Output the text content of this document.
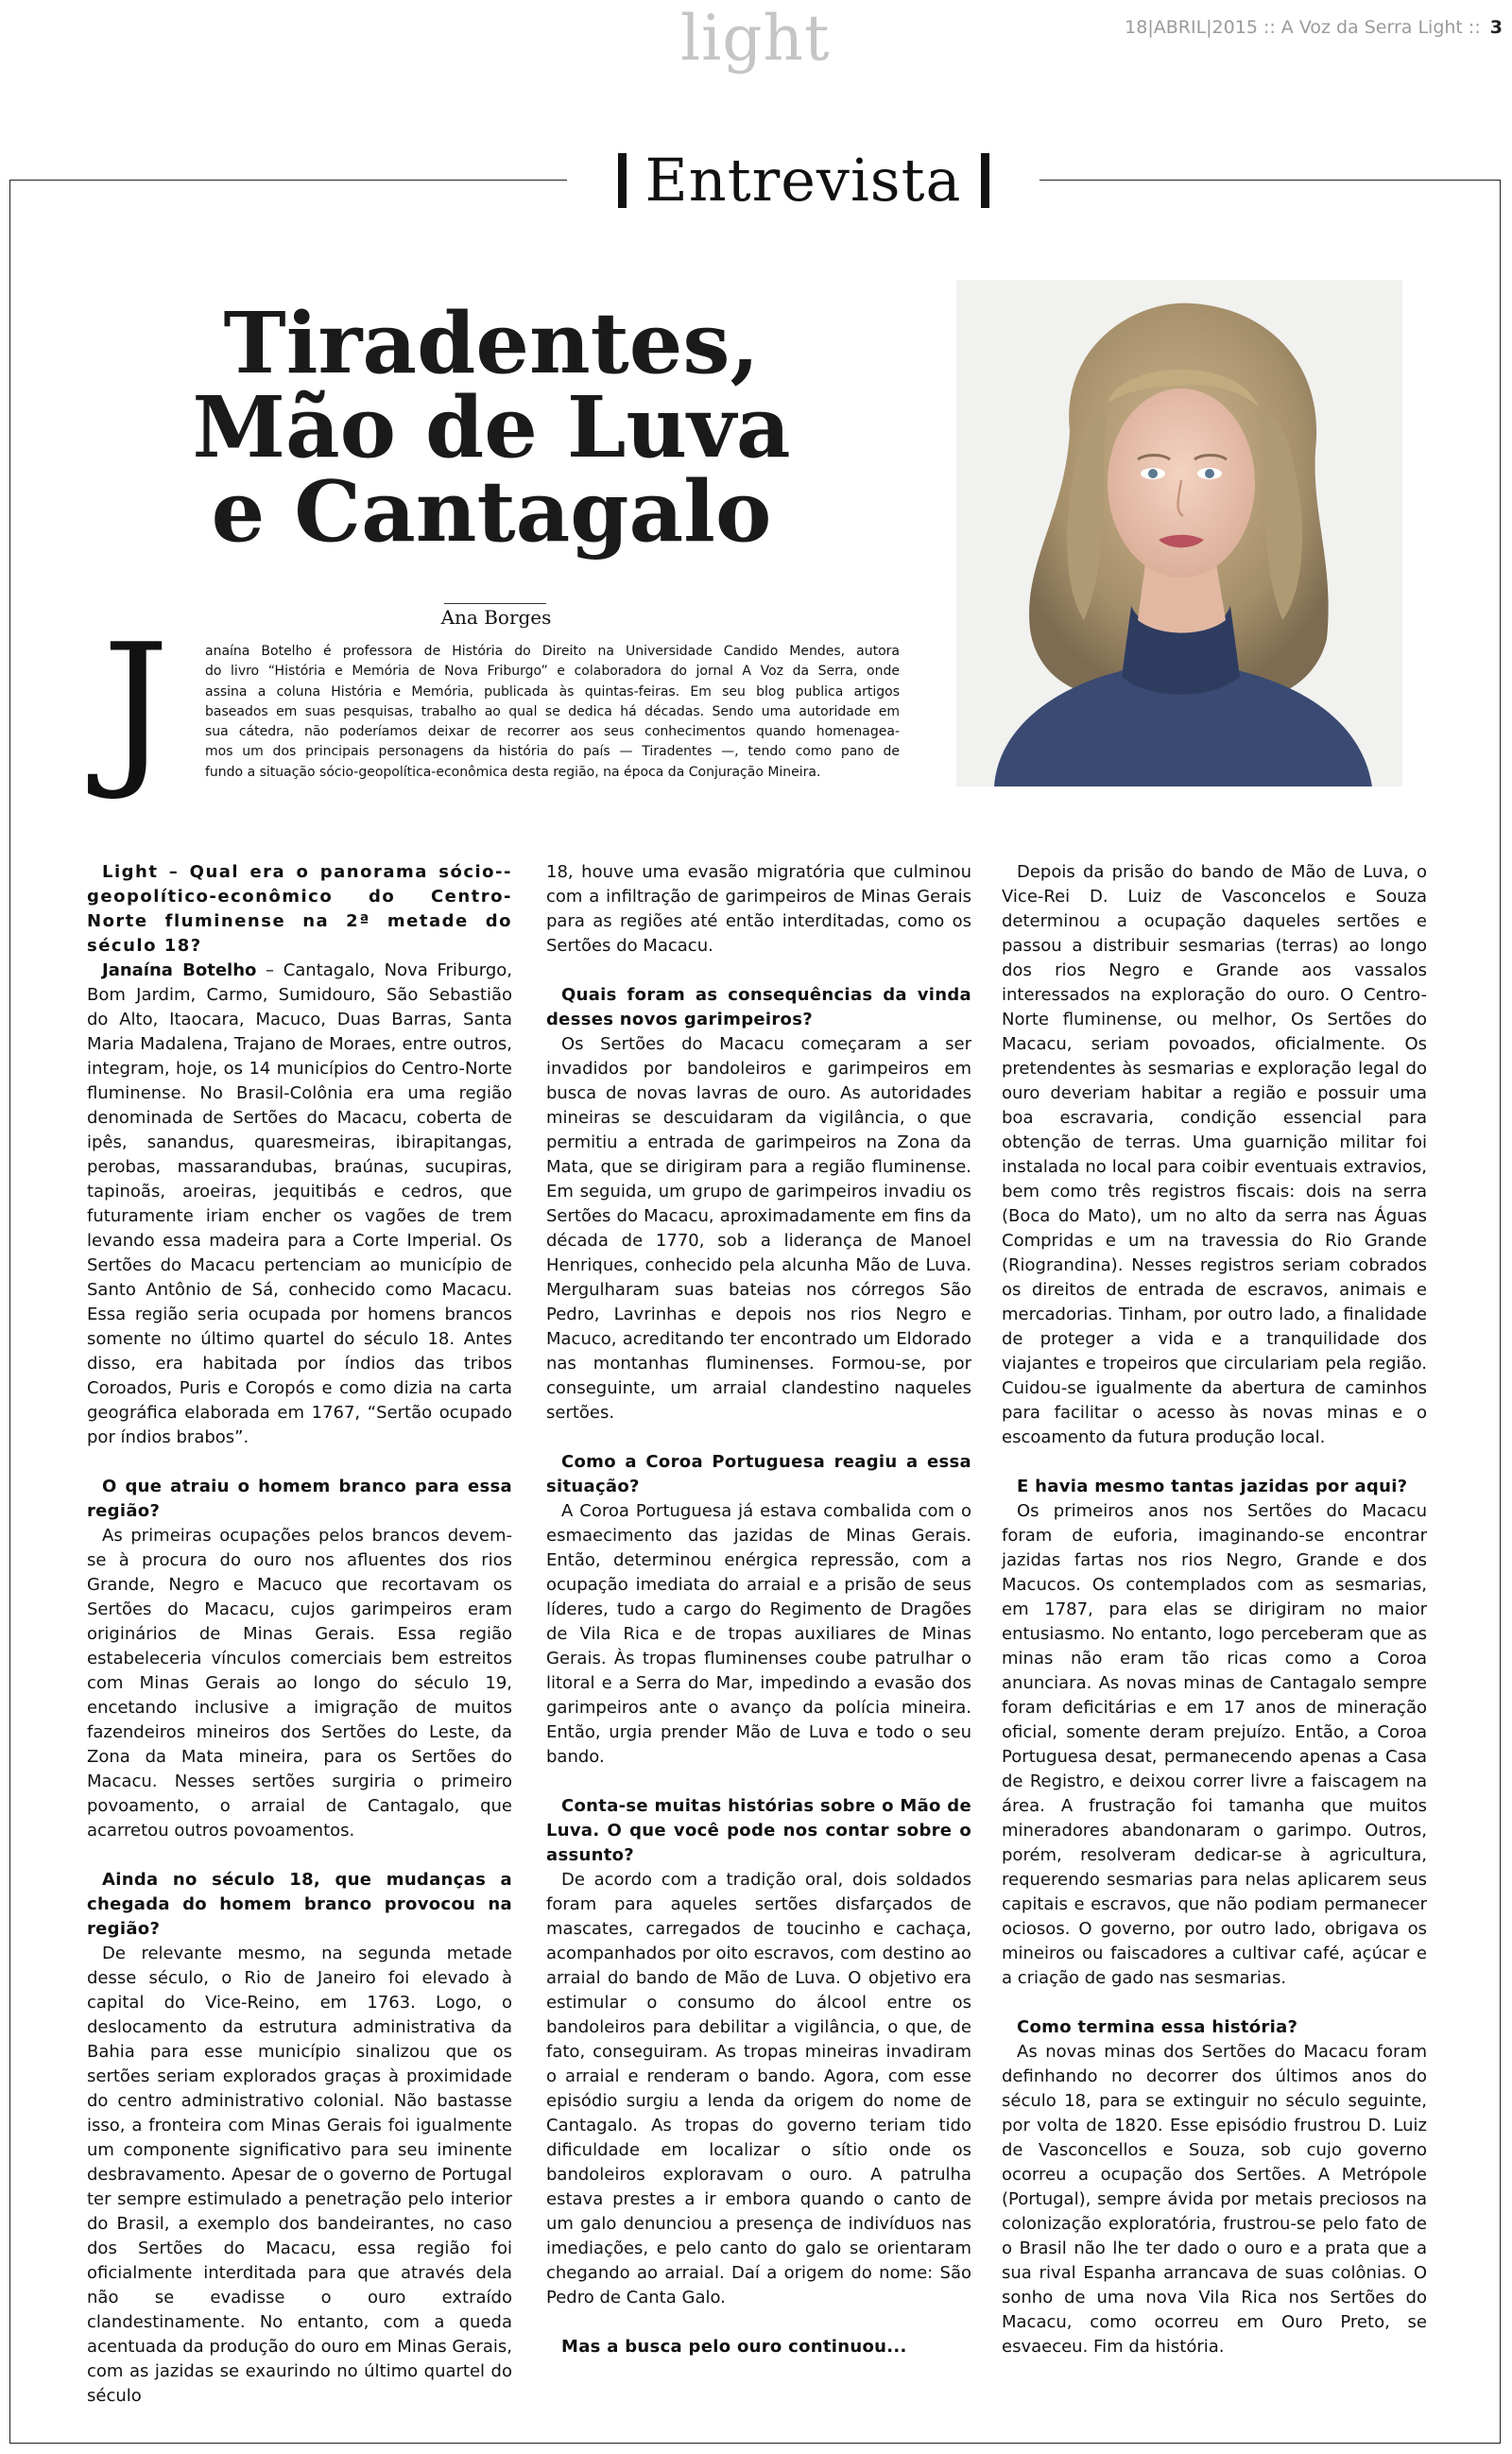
light	18|ABRIL|2015 :: A Voz da Serra Light :: 3
Entrevista
Tiradentes,
Mão de Luva
e Cantagalo
Ana Borges
J	anaína Botelho é professora de História do Direito na Universidade Candido Mendes, autora
do livro “História e Memória de Nova Friburgo” e colaboradora do jornal A Voz da Serra, onde
assina a coluna História e Memória, publicada às quintas-feiras. Em seu blog publica artigos
baseados em suas pesquisas, trabalho ao qual se dedica há décadas. Sendo uma autoridade em
sua cátedra, não poderíamos deixar de recorrer aos seus conhecimentos quando homenagea-
mos um dos principais personagens da história do país — Tiradentes —, tendo como pano de
fundo a situação sócio-geopolítica-econômica desta região, na época da Conjuração Mineira.

Light – Qual era o panorama sócio--geopolítico-econômico do Centro-Norte fluminense na 2ª metade do século 18?

Janaína Botelho – Cantagalo, Nova Friburgo, Bom Jardim, Carmo, Sumidouro, São Sebastião do Alto, Itaocara, Macuco, Duas Barras, Santa Maria Madalena, Trajano de Moraes, entre outros, integram, hoje, os 14 municípios do Centro-Norte fluminense. No Brasil-Colônia era uma região denominada de Sertões do Macacu, coberta de ipês, sanandus, quaresmeiras, ibirapitangas, perobas, massarandubas, braúnas, sucupiras, tapinoãs, aroeiras, jequitibás e cedros, que futuramente iriam encher os vagões de trem levando essa madeira para a Corte Imperial. Os Sertões do Macacu pertenciam ao município de Santo Antônio de Sá, conhecido como Macacu. Essa região seria ocupada por homens brancos somente no último quartel do século 18. Antes disso, era habitada por índios das tribos Coroados, Puris e Coropós e como dizia na carta geográfica elaborada em 1767, “Sertão ocupado por índios brabos”.

O que atraiu o homem branco para essa região?

As primeiras ocupações pelos brancos devem-se à procura do ouro nos afluentes dos rios Grande, Negro e Macuco que recortavam os Sertões do Macacu, cujos garimpeiros eram originários de Minas Gerais. Essa região estabeleceria vínculos comerciais bem estreitos com Minas Gerais ao longo do século 19, encetando inclusive a imigração de muitos fazendeiros mineiros dos Sertões do Leste, da Zona da Mata mineira, para os Sertões do Macacu. Nesses sertões surgiria o primeiro povoamento, o arraial de Cantagalo, que acarretou outros povoamentos.

Ainda no século 18, que mudanças a chegada do homem branco provocou na região?

De relevante mesmo, na segunda metade desse século, o Rio de Janeiro foi elevado à capital do Vice-Reino, em 1763. Logo, o deslocamento da estrutura administrativa da Bahia para esse município sinalizou que os sertões seriam explorados graças à proximidade do centro administrativo colonial. Não bastasse isso, a fronteira com Minas Gerais foi igualmente um componente significativo para seu iminente desbravamento. Apesar de o governo de Portugal ter sempre estimulado a penetração pelo interior do Brasil, a exemplo dos bandeirantes, no caso dos Sertões do Macacu, essa região foi oficialmente interditada para que através dela não se evadisse o ouro extraído clandestinamente. No entanto, com a queda acentuada da produção do ouro em Minas Gerais, com as jazidas se exaurindo no último quartel do século

18, houve uma evasão migratória que culminou com a infiltração de garimpeiros de Minas Gerais para as regiões até então interditadas, como os Sertões do Macacu.

Quais foram as consequências da vinda desses novos garimpeiros?

Os Sertões do Macacu começaram a ser invadidos por bandoleiros e garimpeiros em busca de novas lavras de ouro. As autoridades mineiras se descuidaram da vigilância, o que permitiu a entrada de garimpeiros na Zona da Mata, que se dirigiram para a região fluminense. Em seguida, um grupo de garimpeiros invadiu os Sertões do Macacu, aproximadamente em fins da década de 1770, sob a liderança de Manoel Henriques, conhecido pela alcunha Mão de Luva. Mergulharam suas bateias nos córregos São Pedro, Lavrinhas e depois nos rios Negro e Macuco, acreditando ter encontrado um Eldorado nas montanhas fluminenses. Formou-se, por conseguinte, um arraial clandestino naqueles sertões.

Como a Coroa Portuguesa reagiu a essa situação?

A Coroa Portuguesa já estava combalida com o esmaecimento das jazidas de Minas Gerais. Então, determinou enérgica repressão, com a ocupação imediata do arraial e a prisão de seus líderes, tudo a cargo do Regimento de Dragões de Vila Rica e de tropas auxiliares de Minas Gerais. Às tropas fluminenses coube patrulhar o litoral e a Serra do Mar, impedindo a evasão dos garimpeiros ante o avanço da polícia mineira. Então, urgia prender Mão de Luva e todo o seu bando.

Conta-se muitas histórias sobre o Mão de Luva. O que você pode nos contar sobre o assunto?

De acordo com a tradição oral, dois soldados foram para aqueles sertões disfarçados de mascates, carregados de toucinho e cachaça, acompanhados por oito escravos, com destino ao arraial do bando de Mão de Luva. O objetivo era estimular o consumo do álcool entre os bandoleiros para debilitar a vigilância, o que, de fato, conseguiram. As tropas mineiras invadiram o arraial e renderam o bando. Agora, com esse episódio surgiu a lenda da origem do nome de Cantagalo. As tropas do governo teriam tido dificuldade em localizar o sítio onde os bandoleiros exploravam o ouro. A patrulha estava prestes a ir embora quando o canto de um galo denunciou a presença de indivíduos nas imediações, e pelo canto do galo se orientaram chegando ao arraial. Daí a origem do nome: São Pedro de Canta Galo.

Mas a busca pelo ouro continuou...

Depois da prisão do bando de Mão de Luva, o Vice-Rei D. Luiz de Vasconcelos e Souza determinou a ocupação daqueles sertões e passou a distribuir sesmarias (terras) ao longo dos rios Negro e Grande aos vassalos interessados na exploração do ouro. O Centro-Norte fluminense, ou melhor, Os Sertões do Macacu, seriam povoados, oficialmente. Os pretendentes às sesmarias e exploração legal do ouro deveriam habitar a região e possuir uma boa escravaria, condição essencial para obtenção de terras. Uma guarnição militar foi instalada no local para coibir eventuais extravios, bem como três registros fiscais: dois na serra (Boca do Mato), um no alto da serra nas Águas Compridas e um na travessia do Rio Grande (Riograndina). Nesses registros seriam cobrados os direitos de entrada de escravos, animais e mercadorias. Tinham, por outro lado, a finalidade de proteger a vida e a tranquilidade dos viajantes e tropeiros que circulariam pela região. Cuidou-se igualmente da abertura de caminhos para facilitar o acesso às novas minas e o escoamento da futura produção local.

E havia mesmo tantas jazidas por aqui?

Os primeiros anos nos Sertões do Macacu foram de euforia, imaginando-se encontrar jazidas fartas nos rios Negro, Grande e dos Macucos. Os contemplados com as sesmarias, em 1787, para elas se dirigiram no maior entusiasmo. No entanto, logo perceberam que as minas não eram tão ricas como a Coroa anunciara. As novas minas de Cantagalo sempre foram deficitárias e em 17 anos de mineração oficial, somente deram prejuízo. Então, a Coroa Portuguesa desat, permanecendo apenas a Casa de Registro, e deixou correr livre a faiscagem na área. A frustração foi tamanha que muitos mineradores abandonaram o garimpo. Outros, porém, resolveram dedicar-se à agricultura, requerendo sesmarias para nelas aplicarem seus capitais e escravos, que não podiam permanecer ociosos. O governo, por outro lado, obrigava os mineiros ou faiscadores a cultivar café, açúcar e a criação de gado nas sesmarias.

Como termina essa história?

As novas minas dos Sertões do Macacu foram definhando no decorrer dos últimos anos do século 18, para se extinguir no século seguinte, por volta de 1820. Esse episódio frustrou D. Luiz de Vasconcellos e Souza, sob cujo governo ocorreu a ocupação dos Sertões. A Metrópole (Portugal), sempre ávida por metais preciosos na colonização exploratória, frustrou-se pelo fato de o Brasil não lhe ter dado o ouro e a prata que a sua rival Espanha arrancava de suas colônias. O sonho de uma nova Vila Rica nos Sertões do Macacu, como ocorreu em Ouro Preto, se esvaeceu. Fim da história.
